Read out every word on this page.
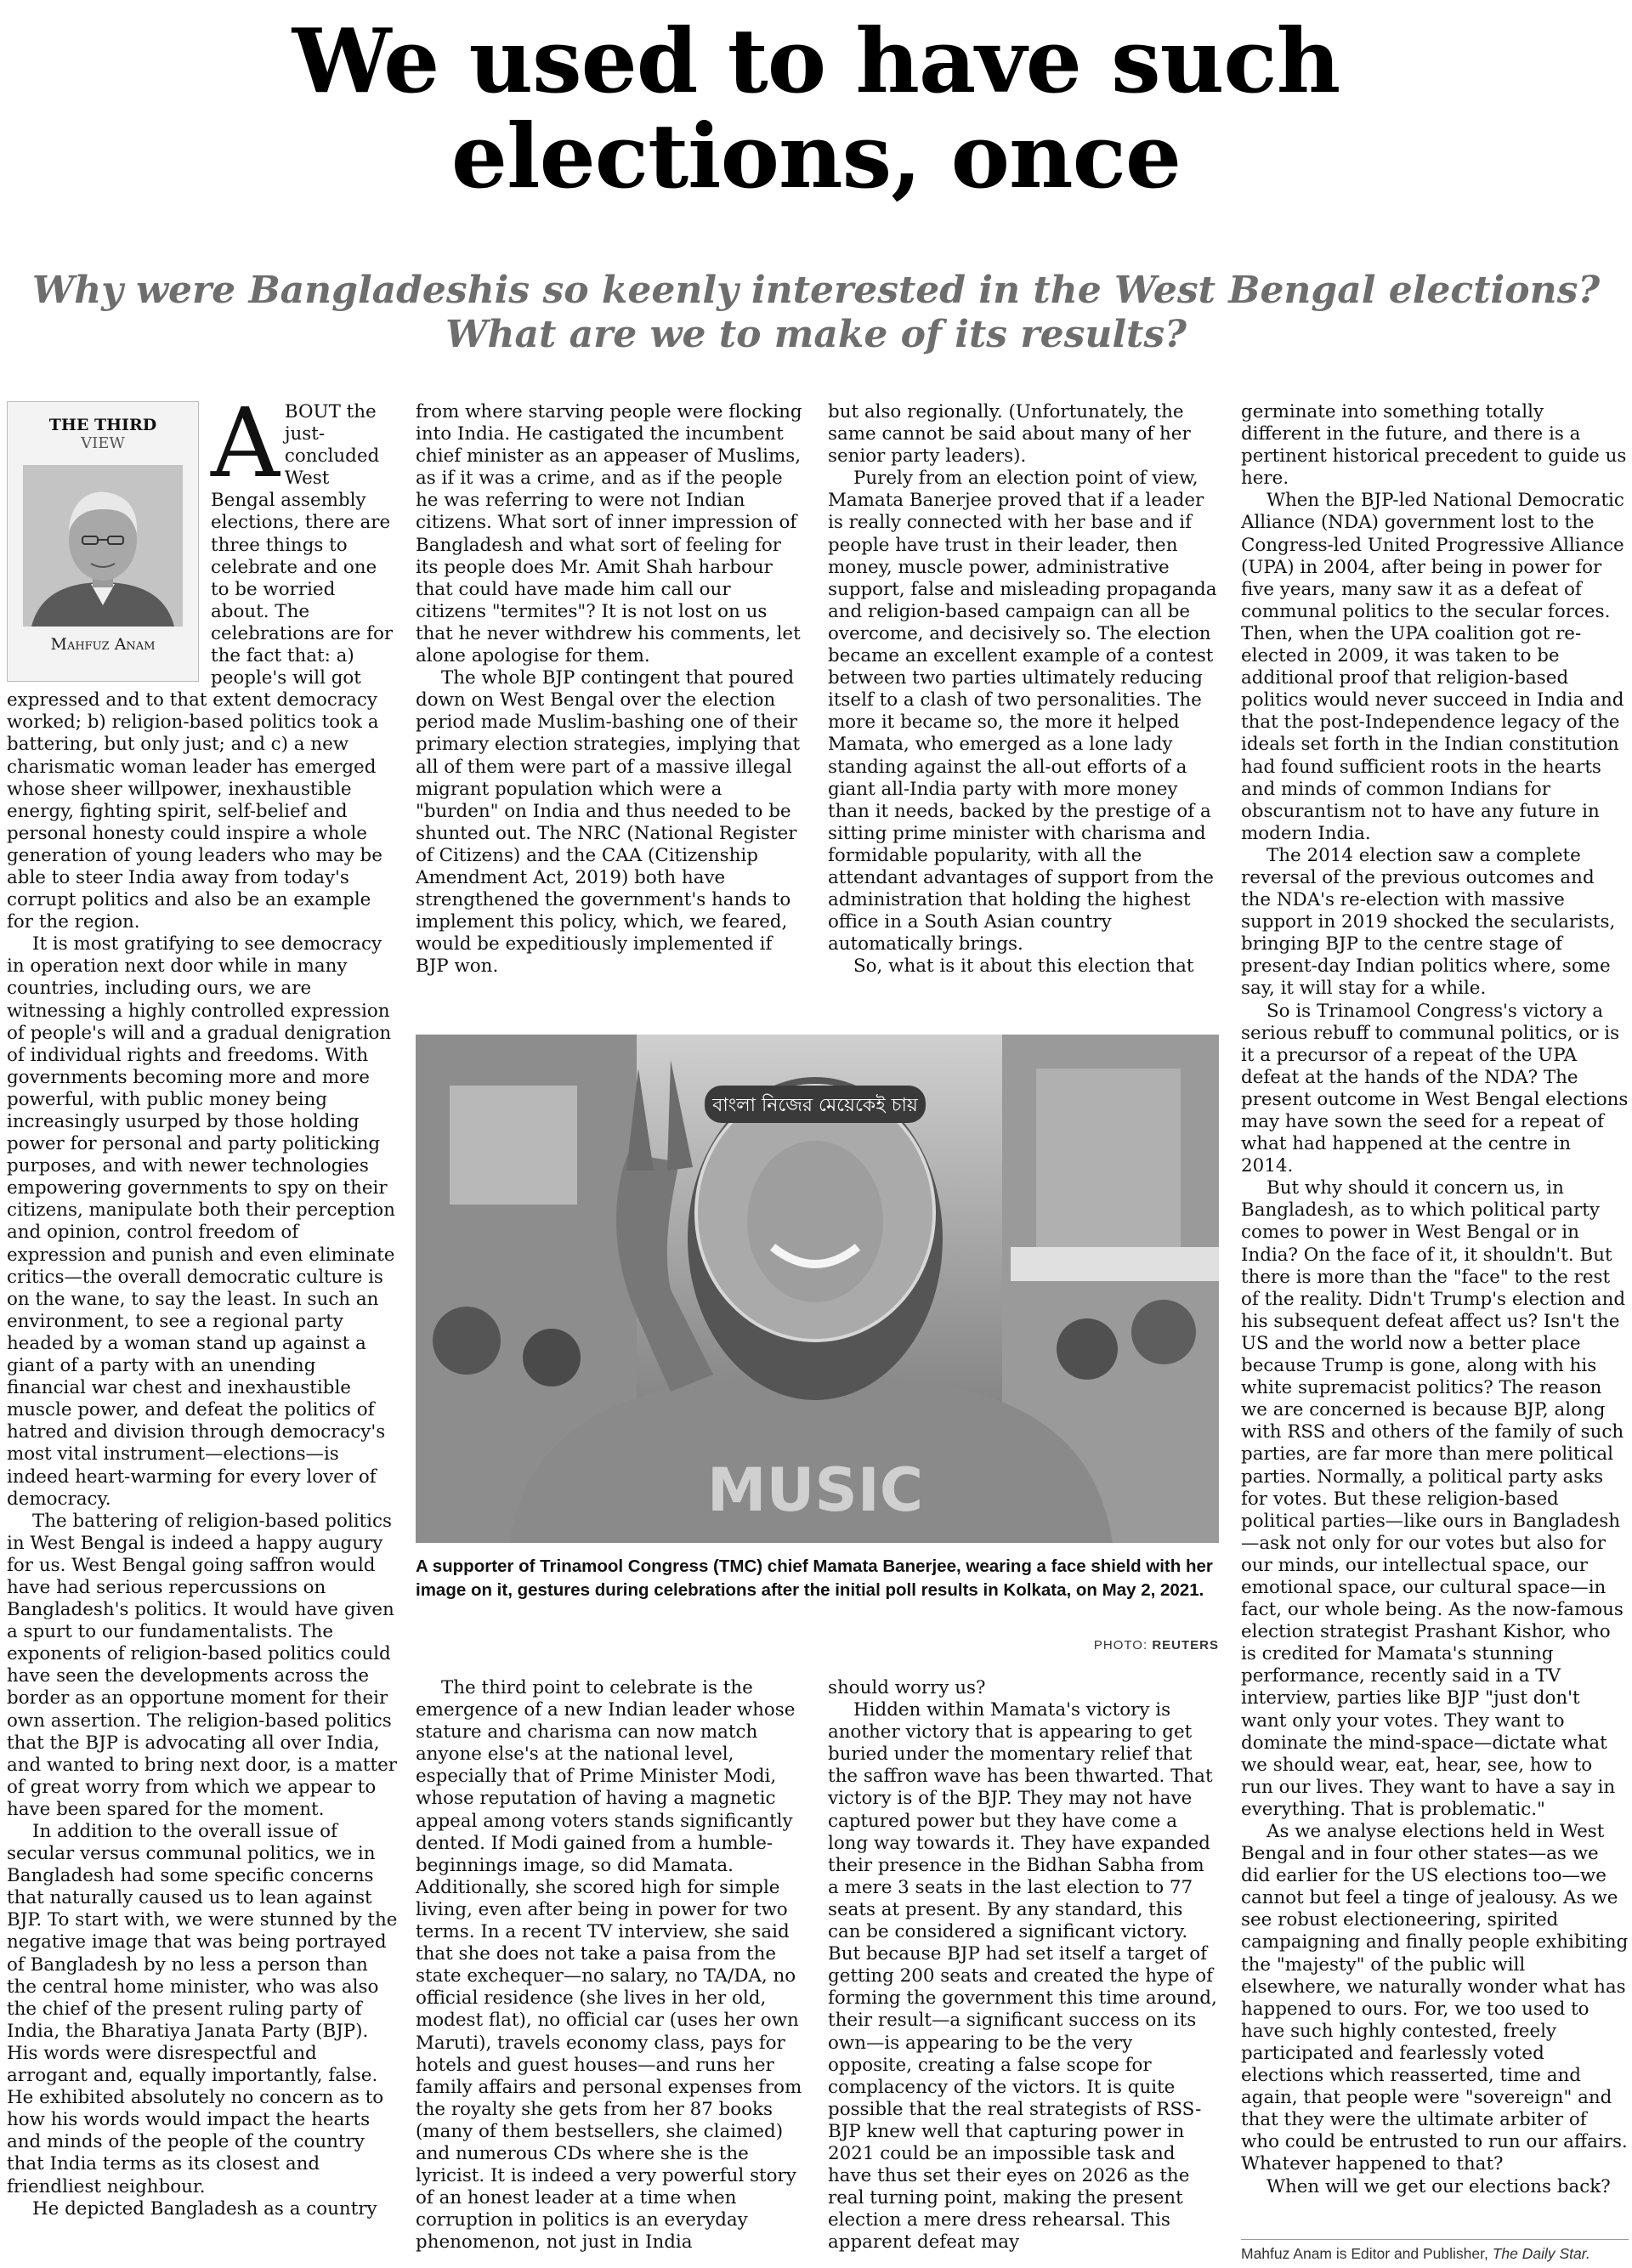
We used to have such elections, once
Why were Bangladeshis so keenly interested in the West Bengal elections? What are we to make of its results?
THE THIRD
VIEW
Mahfuz Anam

ABOUT the just-concluded West Bengal assembly elections, there are three things to celebrate and one to be worried about. The celebrations are for the fact that: a) people's will got expressed and to that extent democracy worked; b) religion-based politics took a battering, but only just; and c) a new charismatic woman leader has emerged whose sheer willpower, inexhaustible energy, fighting spirit, self-belief and personal honesty could inspire a whole generation of young leaders who may be able to steer India away from today's corrupt politics and also be an example for the region.

It is most gratifying to see democracy in operation next door while in many countries, including ours, we are witnessing a highly controlled expression of people's will and a gradual denigration of individual rights and freedoms. With governments becoming more and more powerful, with public money being increasingly usurped by those holding power for personal and party politicking purposes, and with newer technologies empowering governments to spy on their citizens, manipulate both their perception and opinion, control freedom of expression and punish and even eliminate critics—the overall democratic culture is on the wane, to say the least. In such an environment, to see a regional party headed by a woman stand up against a giant of a party with an unending financial war chest and inexhaustible muscle power, and defeat the politics of hatred and division through democracy's most vital instrument—elections—is indeed heart-warming for every lover of democracy.

The battering of religion-based politics in West Bengal is indeed a happy augury for us. West Bengal going saffron would have had serious repercussions on Bangladesh's politics. It would have given a spurt to our fundamentalists. The exponents of religion-based politics could have seen the developments across the border as an opportune moment for their own assertion. The religion-based politics that the BJP is advocating all over India, and wanted to bring next door, is a matter of great worry from which we appear to have been spared for the moment.

In addition to the overall issue of secular versus communal politics, we in Bangladesh had some specific concerns that naturally caused us to lean against BJP. To start with, we were stunned by the negative image that was being portrayed of Bangladesh by no less a person than the central home minister, who was also the chief of the present ruling party of India, the Bharatiya Janata Party (BJP). His words were disrespectful and arrogant and, equally importantly, false. He exhibited absolutely no concern as to how his words would impact the hearts and minds of the people of the country that India terms as its closest and friendliest neighbour.

He depicted Bangladesh as a country

from where starving people were flocking into India. He castigated the incumbent chief minister as an appeaser of Muslims, as if it was a crime, and as if the people he was referring to were not Indian citizens. What sort of inner impression of Bangladesh and what sort of feeling for its people does Mr. Amit Shah harbour that could have made him call our citizens "termites"? It is not lost on us that he never withdrew his comments, let alone apologise for them.

The whole BJP contingent that poured down on West Bengal over the election period made Muslim-bashing one of their primary election strategies, implying that all of them were part of a massive illegal migrant population which were a "burden" on India and thus needed to be shunted out. The NRC (National Register of Citizens) and the CAA (Citizenship Amendment Act, 2019) both have strengthened the government's hands to implement this policy, which, we feared, would be expeditiously implemented if BJP won.

but also regionally. (Unfortunately, the same cannot be said about many of her senior party leaders).

Purely from an election point of view, Mamata Banerjee proved that if a leader is really connected with her base and if people have trust in their leader, then money, muscle power, administrative support, false and misleading propaganda and religion-based campaign can all be overcome, and decisively so. The election became an excellent example of a contest between two parties ultimately reducing itself to a clash of two personalities. The more it became so, the more it helped Mamata, who emerged as a lone lady standing against the all-out efforts of a giant all-India party with more money than it needs, backed by the prestige of a sitting prime minister with charisma and formidable popularity, with all the attendant advantages of support from the administration that holding the highest office in a South Asian country automatically brings.

So, what is it about this election that

বাংলা নিজের মেয়েকেই চায়
MUSIC
A supporter of Trinamool Congress (TMC) chief Mamata Banerjee, wearing a face shield with her image on it, gestures during celebrations after the initial poll results in Kolkata, on May 2, 2021.
PHOTO: REUTERS

The third point to celebrate is the emergence of a new Indian leader whose stature and charisma can now match anyone else's at the national level, especially that of Prime Minister Modi, whose reputation of having a magnetic appeal among voters stands significantly dented. If Modi gained from a humble-beginnings image, so did Mamata. Additionally, she scored high for simple living, even after being in power for two terms. In a recent TV interview, she said that she does not take a paisa from the state exchequer—no salary, no TA/DA, no official residence (she lives in her old, modest flat), no official car (uses her own Maruti), travels economy class, pays for hotels and guest houses—and runs her family affairs and personal expenses from the royalty she gets from her 87 books (many of them bestsellers, she claimed) and numerous CDs where she is the lyricist. It is indeed a very powerful story of an honest leader at a time when corruption in politics is an everyday phenomenon, not just in India

should worry us?

Hidden within Mamata's victory is another victory that is appearing to get buried under the momentary relief that the saffron wave has been thwarted. That victory is of the BJP. They may not have captured power but they have come a long way towards it. They have expanded their presence in the Bidhan Sabha from a mere 3 seats in the last election to 77 seats at present. By any standard, this can be considered a significant victory. But because BJP had set itself a target of getting 200 seats and created the hype of forming the government this time around, their result—a significant success on its own—is appearing to be the very opposite, creating a false scope for complacency of the victors. It is quite possible that the real strategists of RSS-BJP knew well that capturing power in 2021 could be an impossible task and have thus set their eyes on 2026 as the real turning point, making the present election a mere dress rehearsal. This apparent defeat may

germinate into something totally different in the future, and there is a pertinent historical precedent to guide us here.

When the BJP-led National Democratic Alliance (NDA) government lost to the Congress-led United Progressive Alliance (UPA) in 2004, after being in power for five years, many saw it as a defeat of communal politics to the secular forces. Then, when the UPA coalition got re-elected in 2009, it was taken to be additional proof that religion-based politics would never succeed in India and that the post-Independence legacy of the ideals set forth in the Indian constitution had found sufficient roots in the hearts and minds of common Indians for obscurantism not to have any future in modern India.

The 2014 election saw a complete reversal of the previous outcomes and the NDA's re-election with massive support in 2019 shocked the secularists, bringing BJP to the centre stage of present-day Indian politics where, some say, it will stay for a while.

So is Trinamool Congress's victory a serious rebuff to communal politics, or is it a precursor of a repeat of the UPA defeat at the hands of the NDA? The present outcome in West Bengal elections may have sown the seed for a repeat of what had happened at the centre in 2014.

But why should it concern us, in Bangladesh, as to which political party comes to power in West Bengal or in India? On the face of it, it shouldn't. But there is more than the "face" to the rest of the reality. Didn't Trump's election and his subsequent defeat affect us? Isn't the US and the world now a better place because Trump is gone, along with his white supremacist politics? The reason we are concerned is because BJP, along with RSS and others of the family of such parties, are far more than mere political parties. Normally, a political party asks for votes. But these religion-based political parties—like ours in Bangladesh—ask not only for our votes but also for our minds, our intellectual space, our emotional space, our cultural space—in fact, our whole being. As the now-famous election strategist Prashant Kishor, who is credited for Mamata's stunning performance, recently said in a TV interview, parties like BJP "just don't want only your votes. They want to dominate the mind-space—dictate what we should wear, eat, hear, see, how to run our lives. They want to have a say in everything. That is problematic."

As we analyse elections held in West Bengal and in four other states—as we did earlier for the US elections too—we cannot but feel a tinge of jealousy. As we see robust electioneering, spirited campaigning and finally people exhibiting the "majesty" of the public will elsewhere, we naturally wonder what has happened to ours. For, we too used to have such highly contested, freely participated and fearlessly voted elections which reasserted, time and again, that people were "sovereign" and that they were the ultimate arbiter of who could be entrusted to run our affairs. Whatever happened to that?

When will we get our elections back?

Mahfuz Anam is Editor and Publisher, The Daily Star.
